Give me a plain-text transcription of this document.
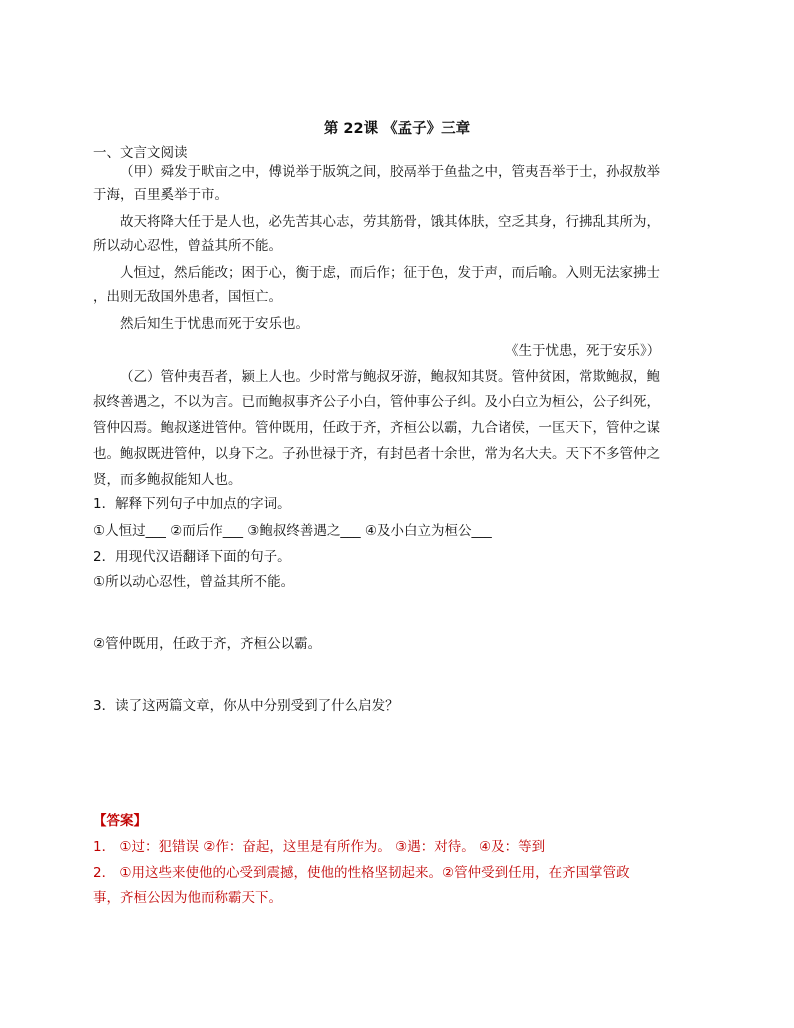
第 22课 《孟子》三章
一、文言文阅读
（甲）舜发于畎亩之中，傅说举于版筑之间，胶鬲举于鱼盐之中，管夷吾举于士，孙叔敖举
于海，百里奚举于市。
故天将降大任于是人也，必先苦其心志，劳其筋骨，饿其体肤，空乏其身，行拂乱其所为，
所以动心忍性，曾益其所不能。
人恒过，然后能改；困于心，衡于虑，而后作；征于色，发于声，而后喻。入则无法家拂士
，出则无敌国外患者，国恒亡。
然后知生于忧患而死于安乐也。
《生于忧患，死于安乐》）
（乙）管仲夷吾者，颍上人也。少时常与鲍叔牙游，鲍叔知其贤。管仲贫困，常欺鲍叔，鲍
叔终善遇之，不以为言。已而鲍叔事齐公子小白，管仲事公子纠。及小白立为桓公，公子纠死，
管仲囚焉。鲍叔遂进管仲。管仲既用，任政于齐，齐桓公以霸，九合诸侯，一匡天下，管仲之谋
也。鲍叔既进管仲，以身下之。子孙世禄于齐，有封邑者十余世，常为名大夫。天下不多管仲之
贤，而多鲍叔能知人也。
1．解释下列句子中加点的字词。
①人恒过___ ②而后作___ ③鲍叔终善遇之___ ④及小白立为桓公___
2．用现代汉语翻译下面的句子。
①所以动心忍性，曾益其所不能。
②管仲既用，任政于齐，齐桓公以霸。
3．读了这两篇文章，你从中分别受到了什么启发？
【答案】
1． ①过：犯错误 ②作：奋起，这里是有所作为。 ③遇：对待。 ④及：等到
2． ①用这些来使他的心受到震撼，使他的性格坚韧起来。②管仲受到任用，在齐国掌管政
事，齐桓公因为他而称霸天下。
